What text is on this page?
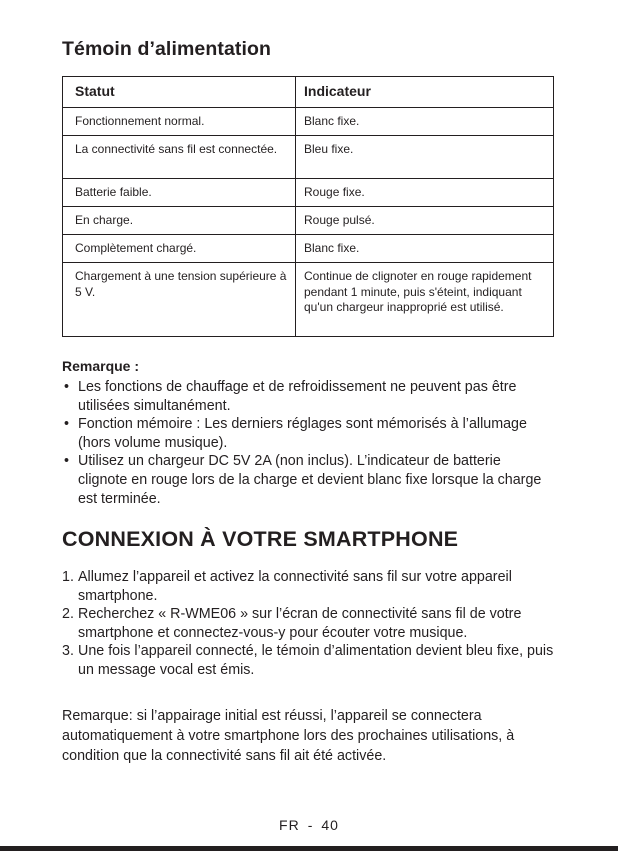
Témoin d’alimentation
Statut	Indicateur
Fonctionnement normal.	Blanc fixe.
La connectivité sans fil est connectée.	Bleu fixe.
Batterie faible.	Rouge fixe.
En charge.	Rouge pulsé.
Complètement chargé.	Blanc fixe.
Chargement à une tension supérieure à 5 V.	Continue de clignoter en rouge rapidement pendant 1 minute, puis s'éteint, indiquant qu'un chargeur inapproprié est utilisé.

Remarque :

• Les fonctions de chauffage et de refroidissement ne peuvent pas être utilisées simultanément.
• Fonction mémoire : Les derniers réglages sont mémorisés à l’allumage (hors volume musique).
• Utilisez un chargeur DC 5V 2A (non inclus). L’indicateur de batterie clignote en rouge lors de la charge et devient blanc fixe lorsque la charge est terminée.
CONNEXION À VOTRE SMARTPHONE
1. Allumez l’appareil et activez la connectivité sans fil sur votre appareil smartphone.
2. Recherchez « R-WME06 » sur l’écran de connectivité sans fil de votre smartphone et connectez-vous-y pour écouter votre musique.
3. Une fois l’appareil connecté, le témoin d’alimentation devient bleu fixe, puis un message vocal est émis.

Remarque: si l’appairage initial est réussi, l’appareil se connectera automatiquement à votre smartphone lors des prochaines utilisations, à condition que la connectivité sans fil ait été activée.

FR - 40
